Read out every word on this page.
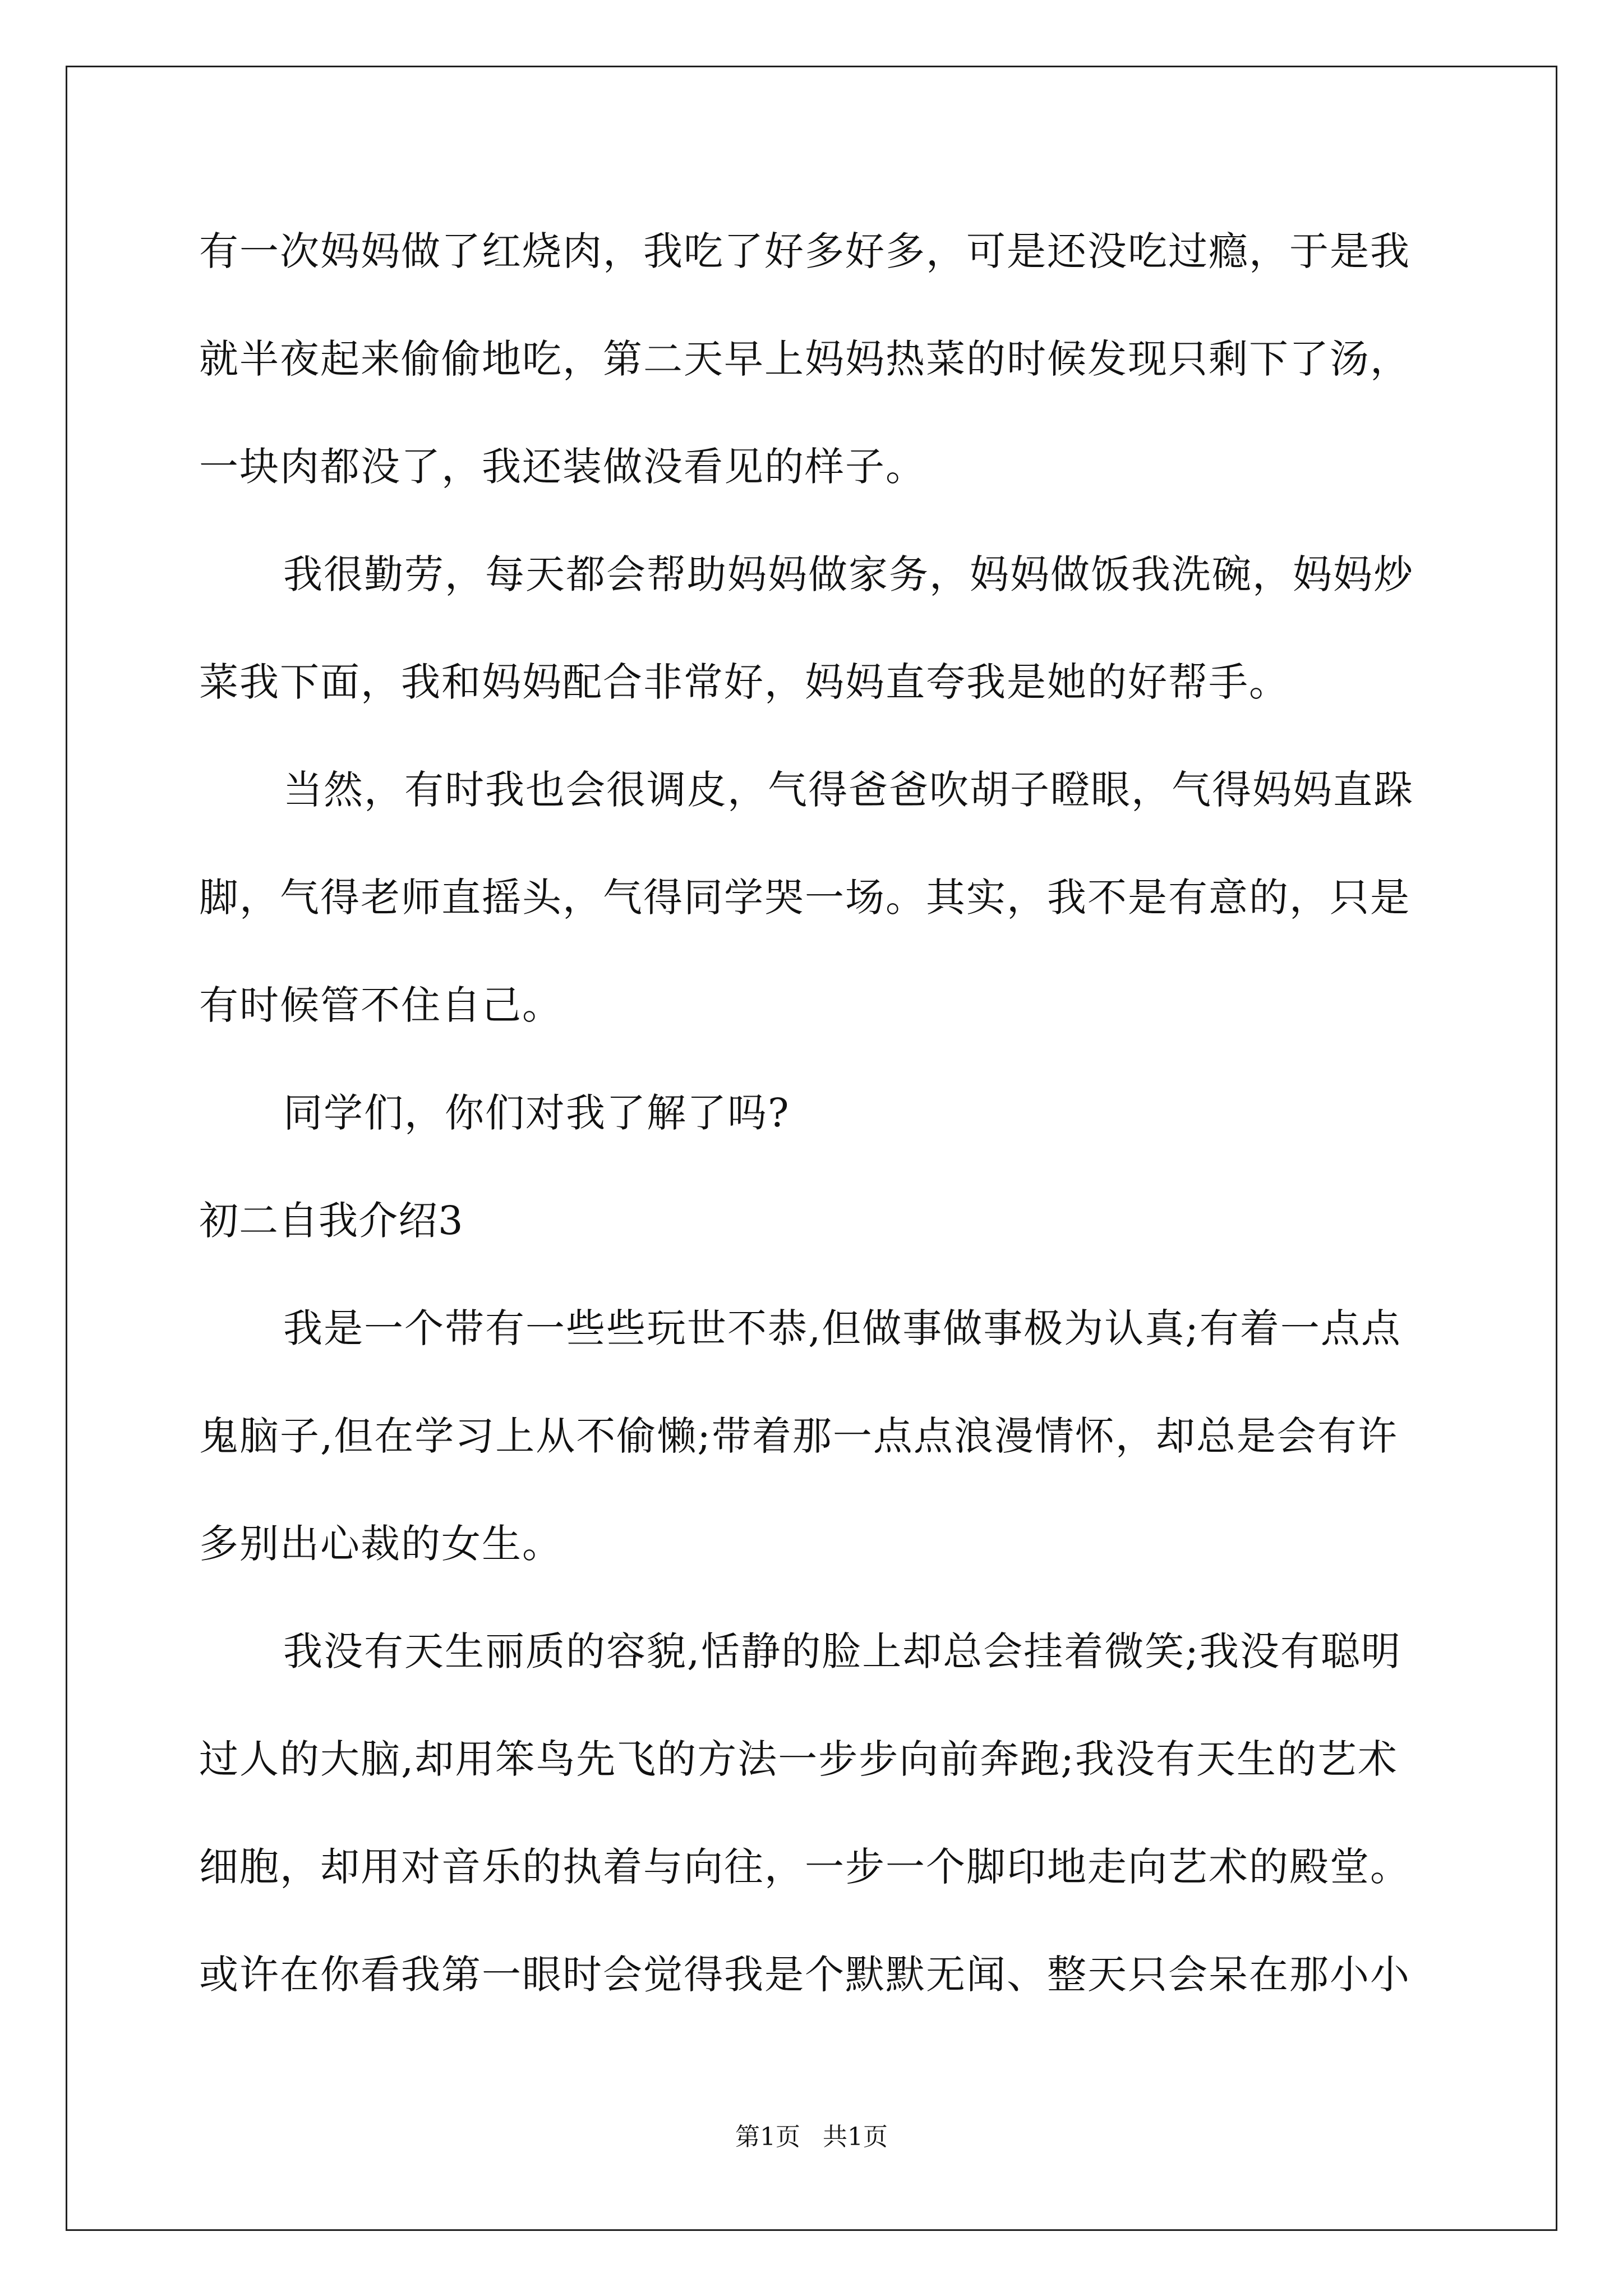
有一次妈妈做了红烧肉，我吃了好多好多，可是还没吃过瘾，于是我
就半夜起来偷偷地吃，第二天早上妈妈热菜的时候发现只剩下了汤，
一块肉都没了，我还装做没看见的样子。
我很勤劳，每天都会帮助妈妈做家务，妈妈做饭我洗碗，妈妈炒
菜我下面，我和妈妈配合非常好，妈妈直夸我是她的好帮手。
当然，有时我也会很调皮，气得爸爸吹胡子瞪眼，气得妈妈直跺
脚，气得老师直摇头，气得同学哭一场。其实，我不是有意的，只是
有时候管不住自己。
同学们，你们对我了解了吗?
初二自我介绍3
我是一个带有一些些玩世不恭,但做事做事极为认真;有着一点点
鬼脑子,但在学习上从不偷懒;带着那一点点浪漫情怀，却总是会有许
多别出心裁的女生。
我没有天生丽质的容貌,恬静的脸上却总会挂着微笑;我没有聪明
过人的大脑,却用笨鸟先飞的方法一步步向前奔跑;我没有天生的艺术
细胞，却用对音乐的执着与向往，一步一个脚印地走向艺术的殿堂。
或许在你看我第一眼时会觉得我是个默默无闻、整天只会呆在那小小
第1页 共1页
